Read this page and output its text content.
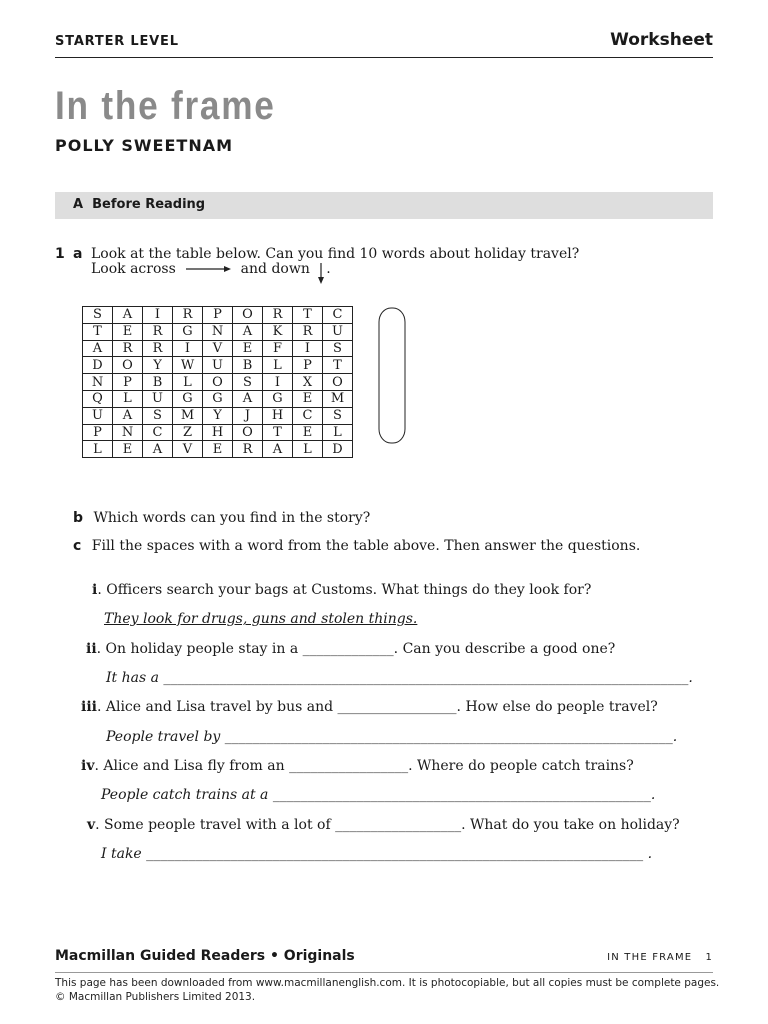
STARTER LEVEL	Worksheet
In the frame
POLLY SWEETNAM
A Before Reading
1 a Look at the table below. Can you find 10 words about holiday travel?
Look across	and down .
S	A	I	R	P	O	R	T	C
T	E	R	G	N	A	K	R	U
A	R	R	I	V	E	F	I	S
D	O	Y	W	U	B	L	P	T
N	P	B	L	O	S	I	X	O
Q	L	U	G	G	A	G	E	M
U	A	S	M	Y	J	H	C	S
P	N	C	Z	H	O	T	E	L
L	E	A	V	E	R	A	L	D
b Which words can you find in the story?
c Fill the spaces with a word from the table above. Then answer the questions.
i. Officers search your bags at Customs. What things do they look for?
They look for drugs, guns and stolen things.
ii. On holiday people stay in a _____________. Can you describe a good one?
It has a ___________________________________________________________________________.
iii. Alice and Lisa travel by bus and _________________. How else do people travel?
People travel by ________________________________________________________________.
iv. Alice and Lisa fly from an _________________. Where do people catch trains?
People catch trains at a ______________________________________________________.
v. Some people travel with a lot of __________________. What do you take on holiday?
I take _______________________________________________________________________ .
Macmillan Guided Readers • Originals	IN THE FRAME 1
This page has been downloaded from www.macmillanenglish.com. It is photocopiable, but all copies must be complete pages.
© Macmillan Publishers Limited 2013.
